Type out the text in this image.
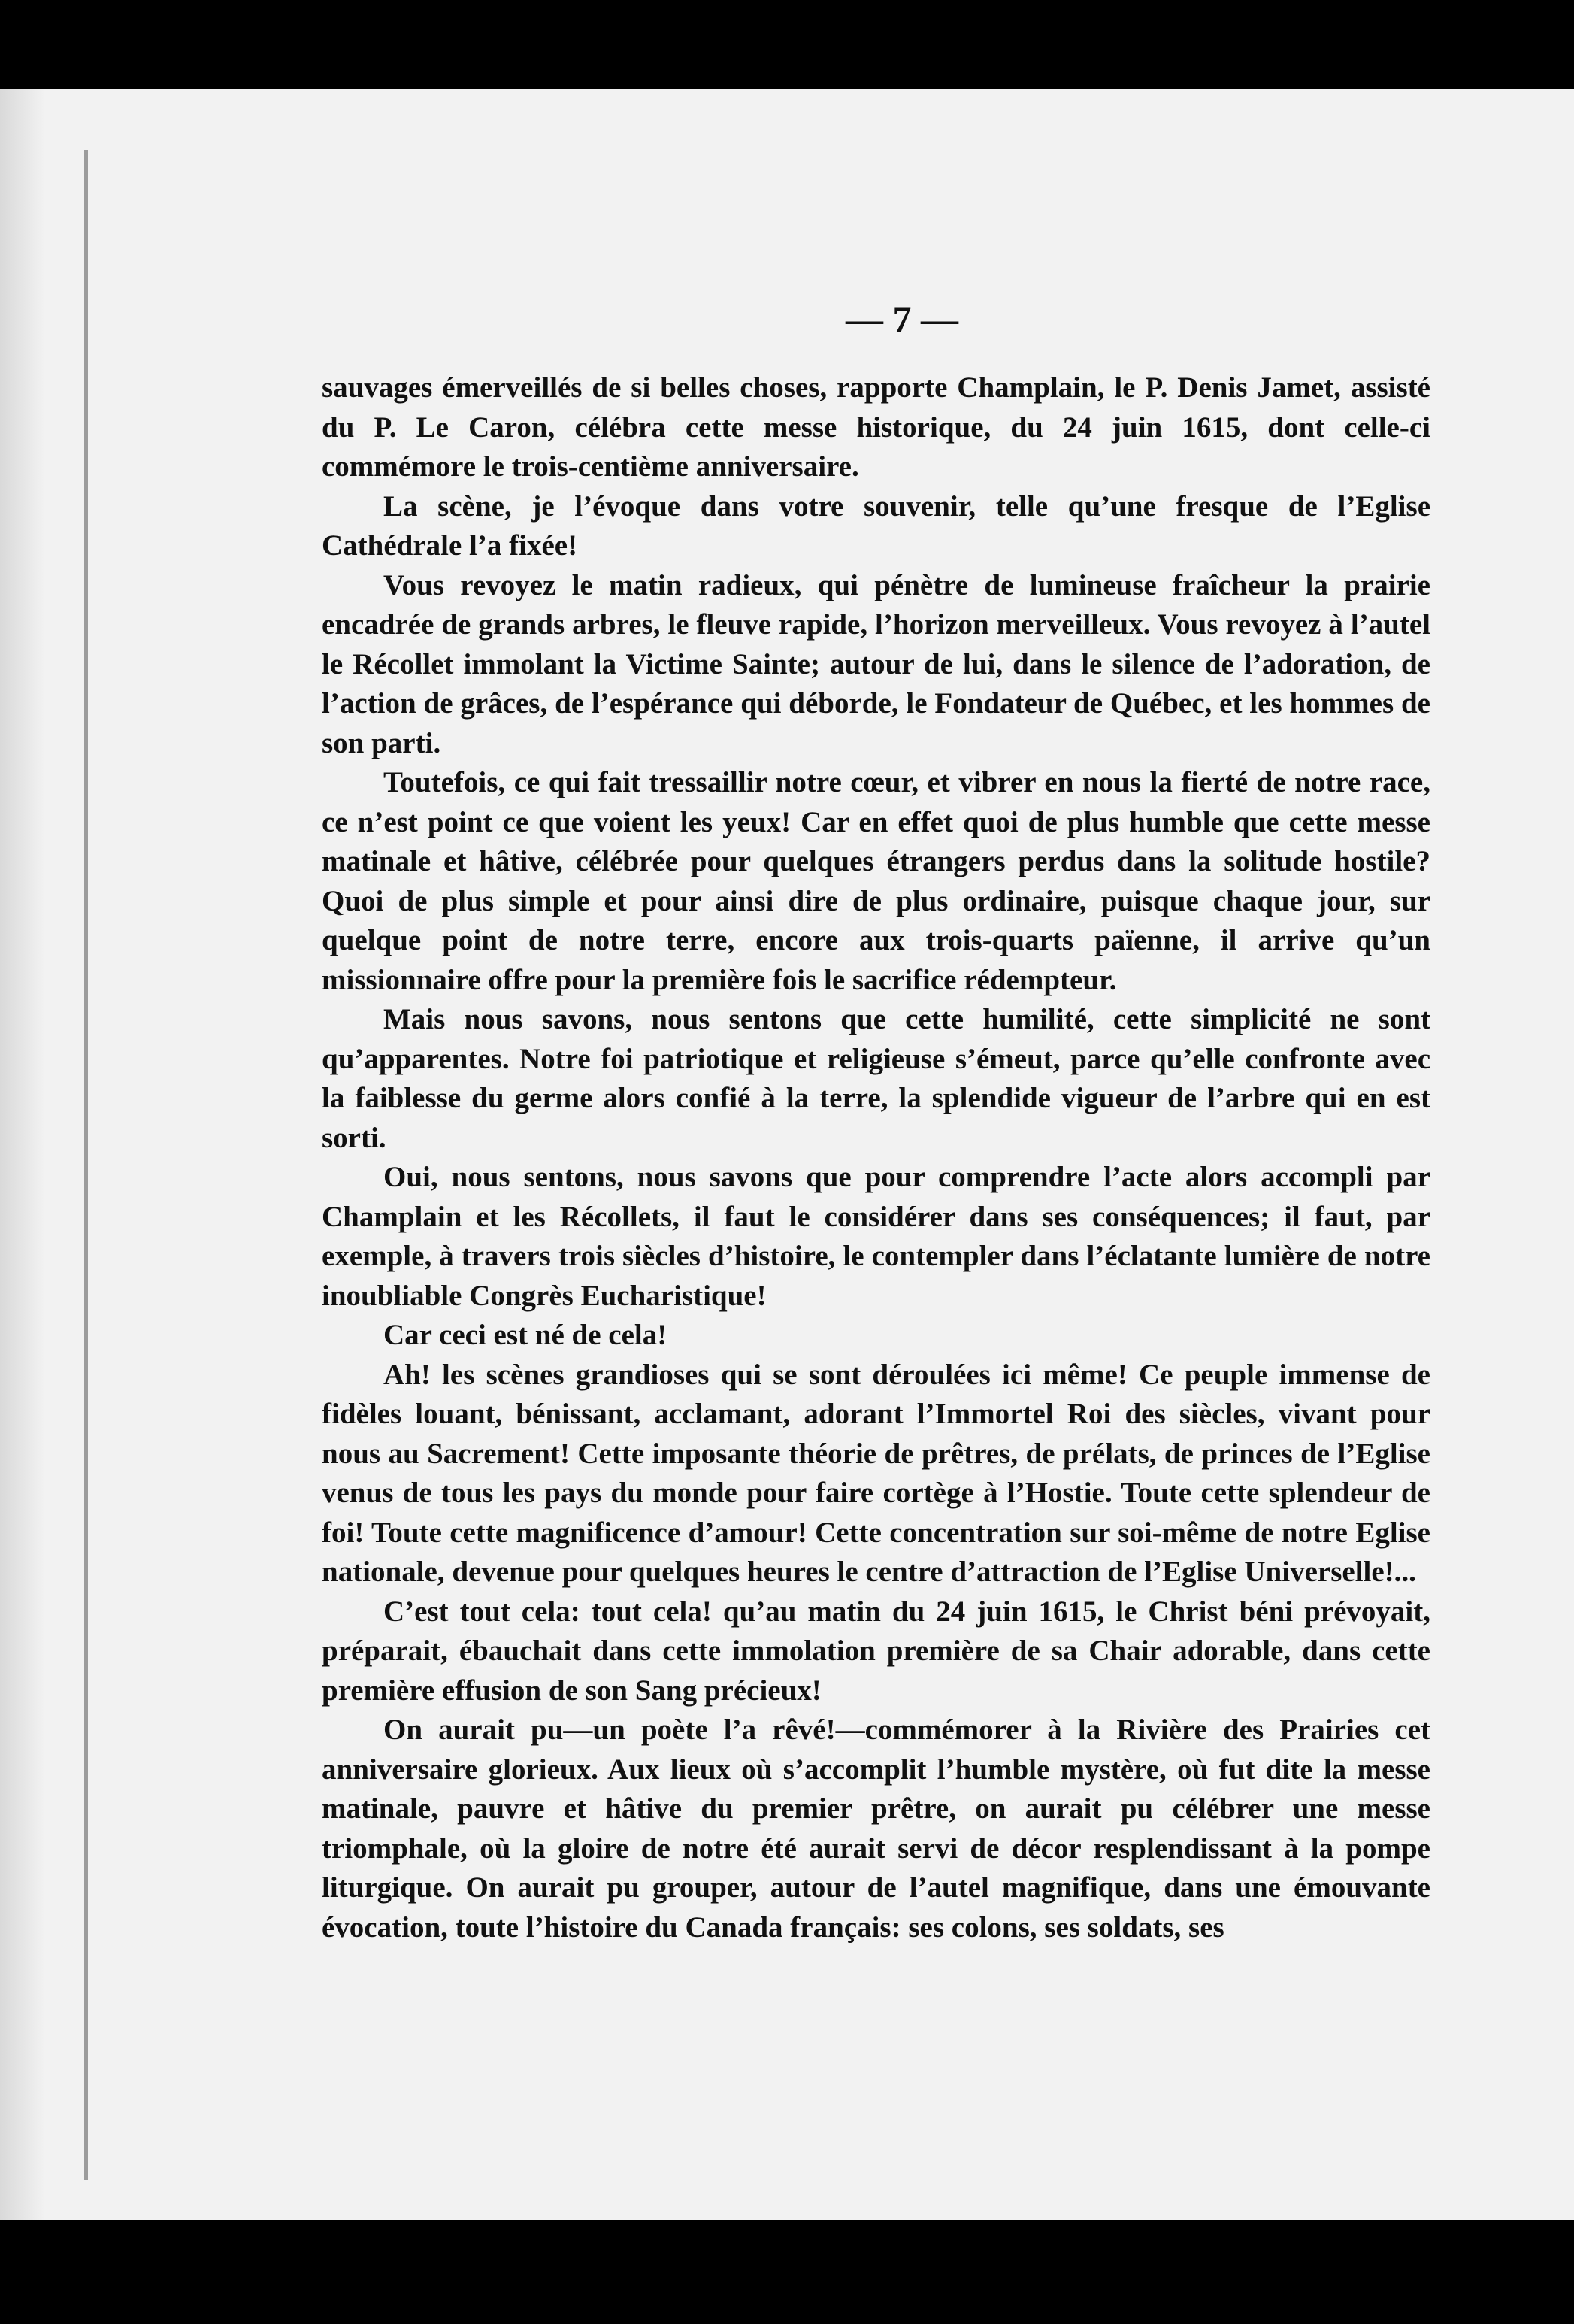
— 7 —

sauvages émerveillés de si belles choses, rapporte Champlain, le P. Denis Jamet, assisté du P. Le Caron, célébra cette messe historique, du 24 juin 1615, dont celle-ci commémore le trois-centième anniversaire.

La scène, je l’évoque dans votre souvenir, telle qu’une fresque de l’Eglise Cathédrale l’a fixée!

Vous revoyez le matin radieux, qui pénètre de lumineuse fraîcheur la prairie encadrée de grands arbres, le fleuve rapide, l’horizon merveilleux. Vous revoyez à l’autel le Récollet immolant la Victime Sainte; autour de lui, dans le silence de l’adoration, de l’action de grâces, de l’espérance qui déborde, le Fondateur de Québec, et les hommes de son parti.

Toutefois, ce qui fait tressaillir notre cœur, et vibrer en nous la fierté de notre race, ce n’est point ce que voient les yeux! Car en effet quoi de plus humble que cette messe matinale et hâtive, célébrée pour quelques étrangers perdus dans la solitude hostile? Quoi de plus simple et pour ainsi dire de plus ordinaire, puisque chaque jour, sur quelque point de notre terre, encore aux trois-quarts païenne, il arrive qu’un missionnaire offre pour la première fois le sacrifice rédempteur.

Mais nous savons, nous sentons que cette humilité, cette simplicité ne sont qu’apparentes. Notre foi patriotique et religieuse s’émeut, parce qu’elle confronte avec la faiblesse du germe alors confié à la terre, la splendide vigueur de l’arbre qui en est sorti.

Oui, nous sentons, nous savons que pour comprendre l’acte alors accompli par Champlain et les Récollets, il faut le considérer dans ses conséquences; il faut, par exemple, à travers trois siècles d’histoire, le contempler dans l’éclatante lumière de notre inoubliable Congrès Eucharistique!

Car ceci est né de cela!

Ah! les scènes grandioses qui se sont déroulées ici même! Ce peuple immense de fidèles louant, bénissant, acclamant, adorant l’Immortel Roi des siècles, vivant pour nous au Sacrement! Cette imposante théorie de prêtres, de prélats, de princes de l’Eglise venus de tous les pays du monde pour faire cortège à l’Hostie. Toute cette splendeur de foi! Toute cette magnificence d’amour! Cette concentration sur soi-même de notre Eglise nationale, devenue pour quelques heures le centre d’attraction de l’Eglise Universelle!...

C’est tout cela: tout cela! qu’au matin du 24 juin 1615, le Christ béni prévoyait, préparait, ébauchait dans cette immolation première de sa Chair adorable, dans cette première effusion de son Sang précieux!

On aurait pu—un poète l’a rêvé!—commémorer à la Rivière des Prairies cet anniversaire glorieux. Aux lieux où s’accomplit l’humble mystère, où fut dite la messe matinale, pauvre et hâtive du premier prêtre, on aurait pu célébrer une messe triomphale, où la gloire de notre été aurait servi de décor resplendissant à la pompe liturgique. On aurait pu grouper, autour de l’autel magnifique, dans une émouvante évocation, toute l’histoire du Canada français: ses colons, ses soldats, ses
